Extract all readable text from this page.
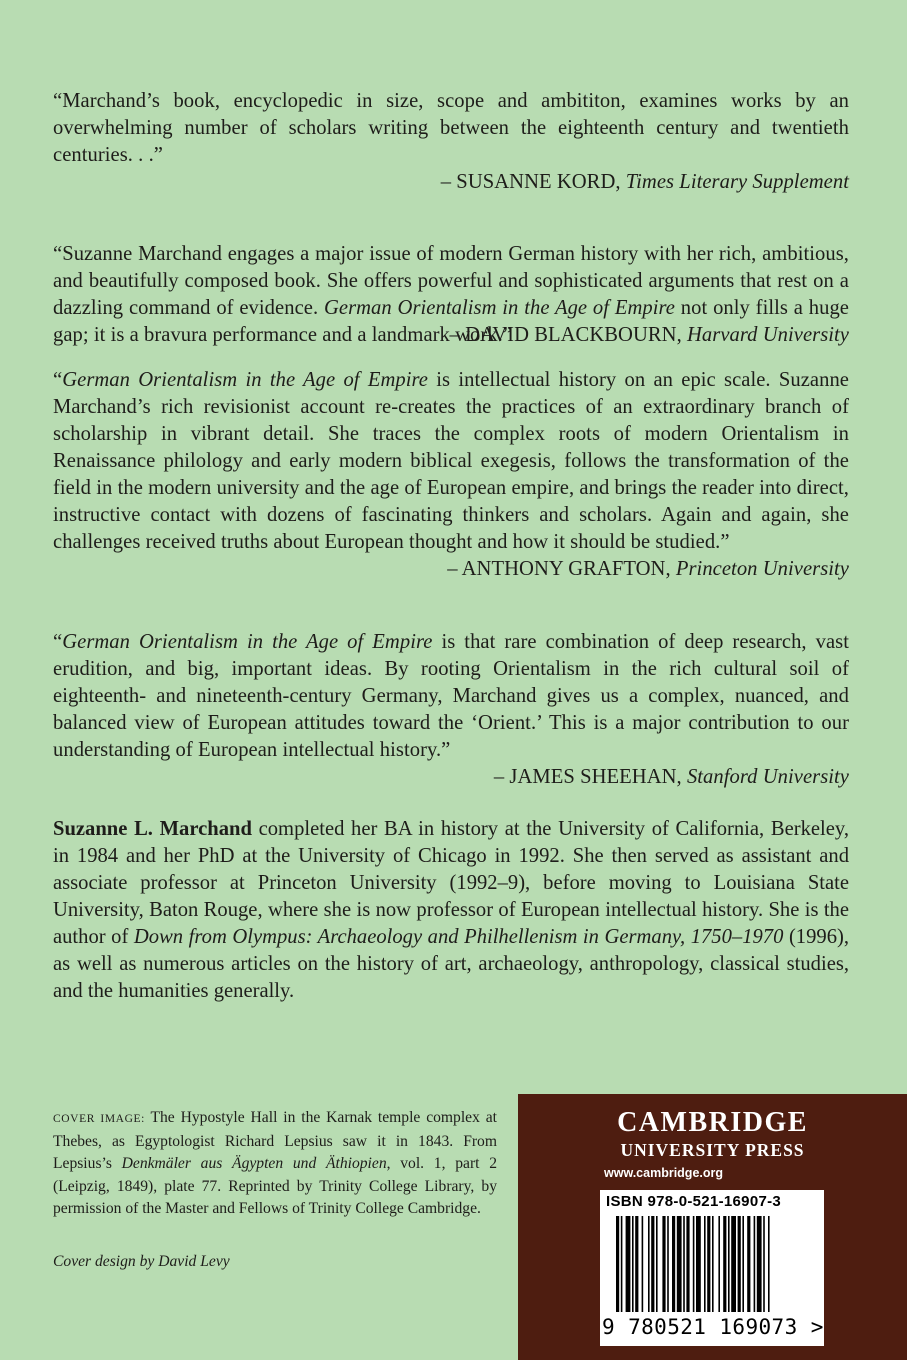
“Marchand’s book, encyclopedic in size, scope and ambititon, examines works by an overwhelming number of scholars writing between the eighteenth century and twentieth centuries. . .”

– SUSANNE KORD, Times Literary Supplement

“Suzanne Marchand engages a major issue of modern German history with her rich, ambitious, and beautifully composed book. She offers powerful and sophisticated arguments that rest on a dazzling command of evidence. German Orientalism in the Age of Empire not only fills a huge gap; it is a bravura performance and a landmark work.”

– DAVID BLACKBOURN, Harvard University

“German Orientalism in the Age of Empire is intellectual history on an epic scale. Suzanne Marchand’s rich revisionist account re-creates the practices of an extraordinary branch of scholarship in vibrant detail. She traces the complex roots of modern Orientalism in Renaissance philology and early modern biblical exegesis, follows the transformation of the field in the modern university and the age of European empire, and brings the reader into direct, instructive contact with dozens of fascinating thinkers and scholars. Again and again, she challenges received truths about European thought and how it should be studied.”

– ANTHONY GRAFTON, Princeton University

“German Orientalism in the Age of Empire is that rare combination of deep research, vast erudition, and big, important ideas. By rooting Orientalism in the rich cultural soil of eighteenth- and nineteenth-century Germany, Marchand gives us a complex, nuanced, and balanced view of European attitudes toward the ‘Orient.’ This is a major contribution to our understanding of European intellectual history.”

– JAMES SHEEHAN, Stanford University

Suzanne L. Marchand completed her BA in history at the University of California, Berkeley, in 1984 and her PhD at the University of Chicago in 1992. She then served as assistant and associate professor at Princeton University (1992–9), before moving to Louisiana State University, Baton Rouge, where she is now professor of European intellectual history. She is the author of Down from Olympus: Archaeology and Philhellenism in Germany, 1750–1970 (1996), as well as numerous articles on the history of art, archaeology, anthropology, classical studies, and the humanities generally.

COVER IMAGE: The Hypostyle Hall in the Karnak temple complex at Thebes, as Egyptologist Richard Lepsius saw it in 1843. From Lepsius’s Denkmäler aus Ägypten und Äthiopien, vol. 1, part 2 (Leipzig, 1849), plate 77. Reprinted by Trinity College Library, by permission of the Master and Fellows of Trinity College Cambridge.

Cover design by David Levy

CAMBRIDGE

UNIVERSITY PRESS

www.cambridge.org

ISBN 978-0-521-16907-3

9 780521 169073 >
